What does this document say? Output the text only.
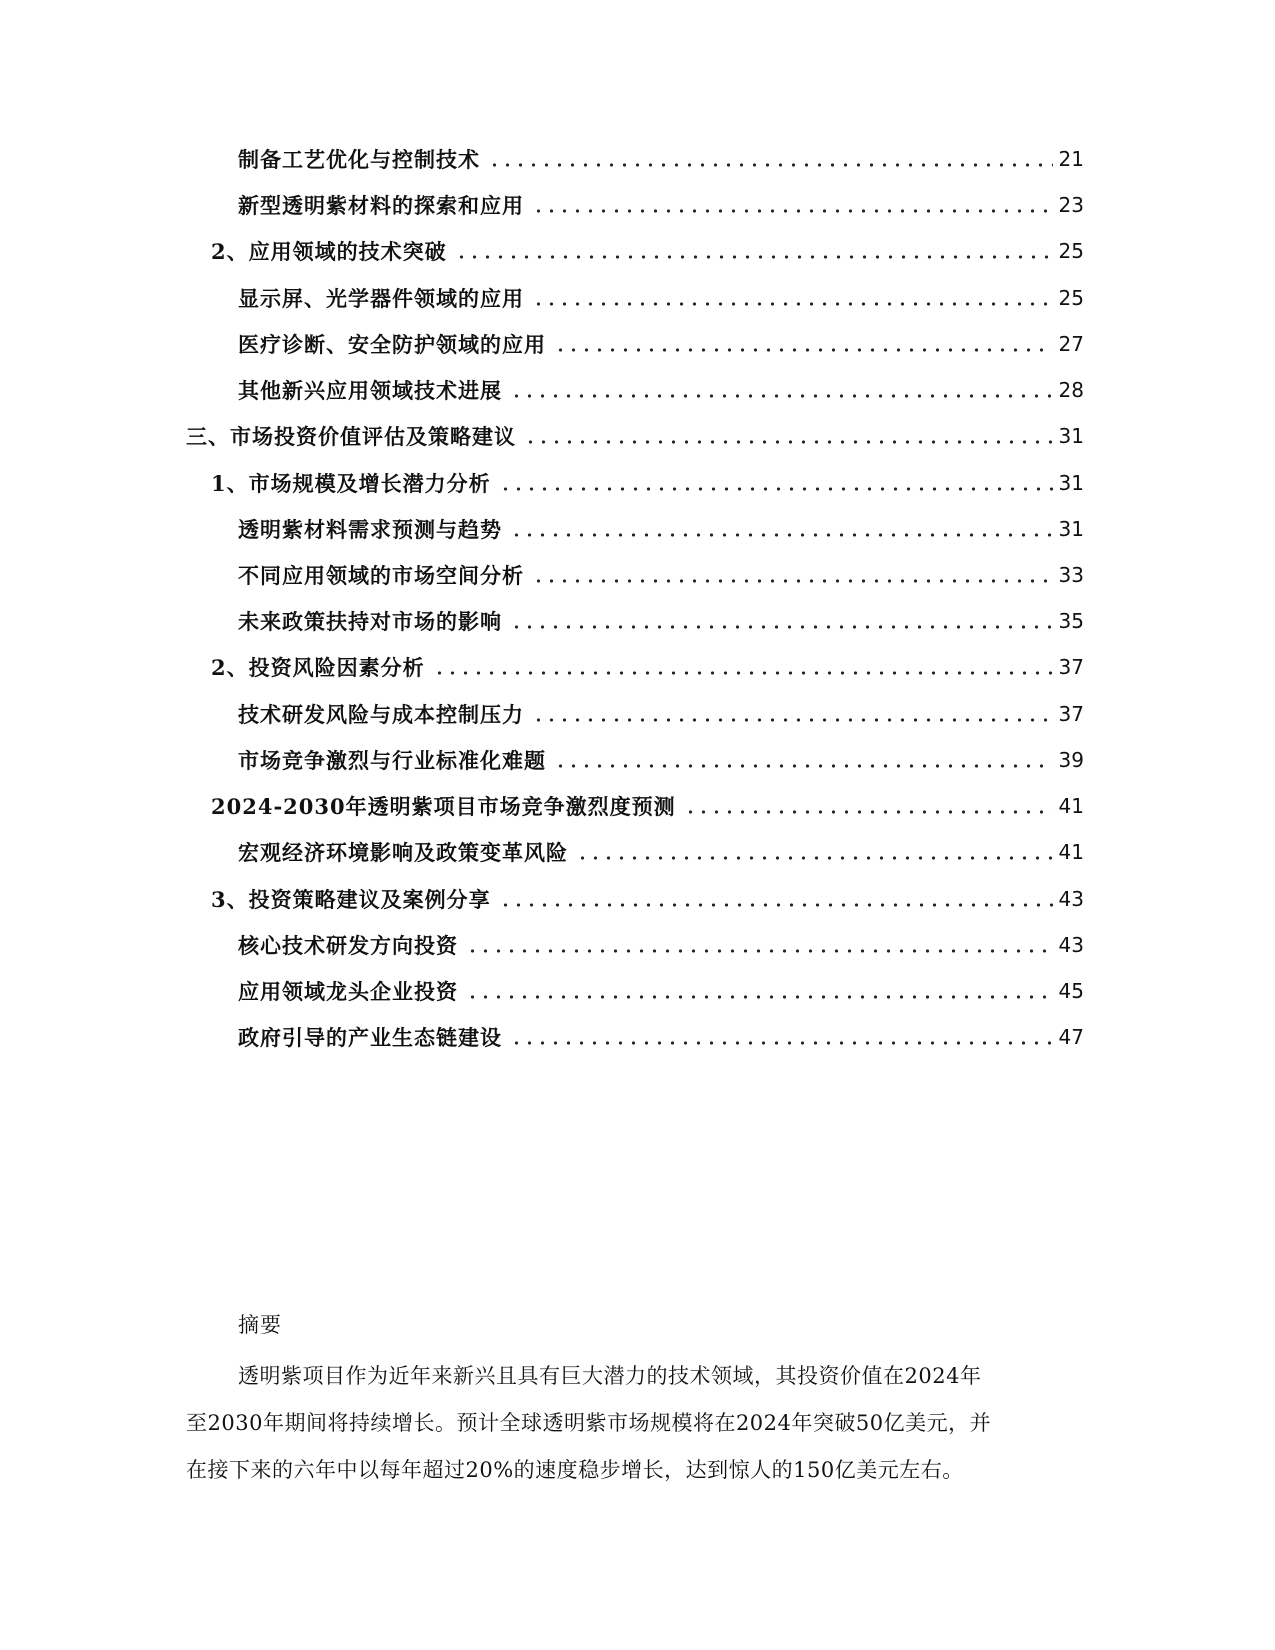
制备工艺优化与控制技术	21
新型透明紫材料的探索和应用	23
2、应用领域的技术突破	25
显示屏、光学器件领域的应用	25
医疗诊断、安全防护领域的应用	27
其他新兴应用领域技术进展	28
三、市场投资价值评估及策略建议	31
1、市场规模及增长潜力分析	31
透明紫材料需求预测与趋势	31
不同应用领域的市场空间分析	33
未来政策扶持对市场的影响	35
2、投资风险因素分析	37
技术研发风险与成本控制压力	37
市场竞争激烈与行业标准化难题	39
2024-2030年透明紫项目市场竞争激烈度预测	41
宏观经济环境影响及政策变革风险	41
3、投资策略建议及案例分享	43
核心技术研发方向投资	43
应用领域龙头企业投资	45
政府引导的产业生态链建设	47
摘要
透明紫项目作为近年来新兴且具有巨大潜力的技术领域，其投资价值在2024年
至2030年期间将持续增长。预计全球透明紫市场规模将在2024年突破50亿美元，并
在接下来的六年中以每年超过20%的速度稳步增长，达到惊人的150亿美元左右。
